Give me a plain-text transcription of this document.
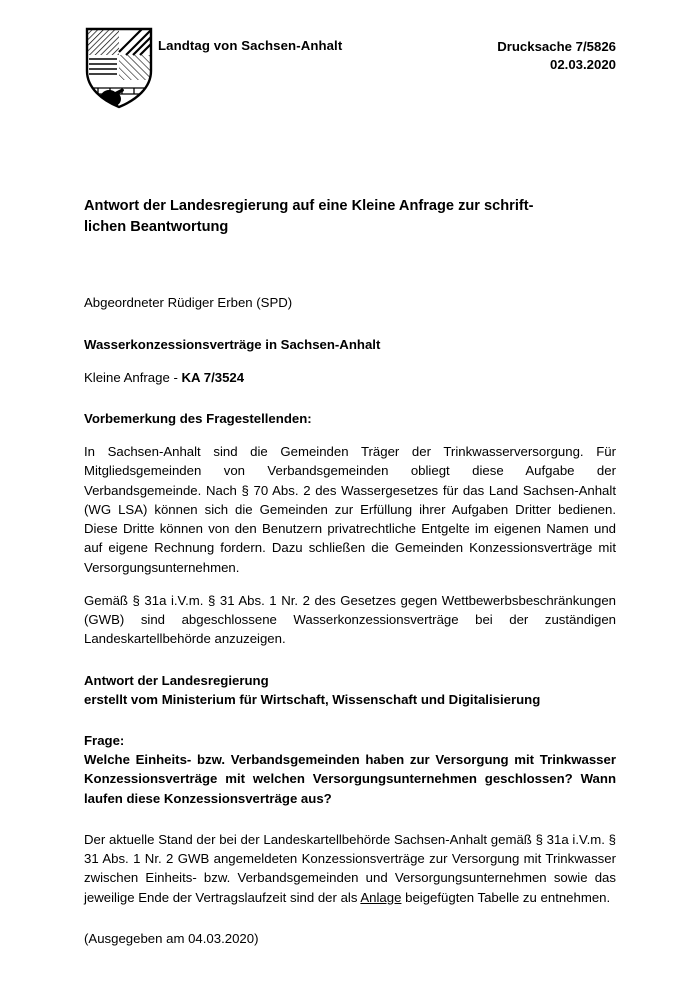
Landtag von Sachsen-Anhalt	Drucksache 7/5826
02.03.2020
Antwort der Landesregierung auf eine Kleine Anfrage zur schrift-
lichen Beantwortung
Abgeordneter Rüdiger Erben (SPD)
Wasserkonzessionsverträge in Sachsen-Anhalt
Kleine Anfrage - KA 7/3524
Vorbemerkung des Fragestellenden:
In Sachsen-Anhalt sind die Gemeinden Träger der Trinkwasserversorgung. Für Mitgliedsgemeinden von Verbandsgemeinden obliegt diese Aufgabe der Verbandsgemeinde. Nach § 70 Abs. 2 des Wassergesetzes für das Land Sachsen-Anhalt (WG LSA) können sich die Gemeinden zur Erfüllung ihrer Aufgaben Dritter bedienen. Diese Dritte können von den Benutzern privatrechtliche Entgelte im eigenen Namen und auf eigene Rechnung fordern. Dazu schließen die Gemeinden Konzessionsverträge mit Versorgungsunternehmen.
Gemäß § 31a i.V.m. § 31 Abs. 1 Nr. 2 des Gesetzes gegen Wettbewerbsbeschränkungen (GWB) sind abgeschlossene Wasserkonzessionsverträge bei der zuständigen Landeskartellbehörde anzuzeigen.
Antwort der Landesregierung
erstellt vom Ministerium für Wirtschaft, Wissenschaft und Digitalisierung
Frage:
Welche Einheits- bzw. Verbandsgemeinden haben zur Versorgung mit Trinkwasser Konzessionsverträge mit welchen Versorgungsunternehmen geschlossen? Wann laufen diese Konzessionsverträge aus?
Der aktuelle Stand der bei der Landeskartellbehörde Sachsen-Anhalt gemäß § 31a i.V.m. § 31 Abs. 1 Nr. 2 GWB angemeldeten Konzessionsverträge zur Versorgung mit Trinkwasser zwischen Einheits- bzw. Verbandsgemeinden und Versorgungsunternehmen sowie das jeweilige Ende der Vertragslaufzeit sind der als Anlage beigefügten Tabelle zu entnehmen.
(Ausgegeben am 04.03.2020)
